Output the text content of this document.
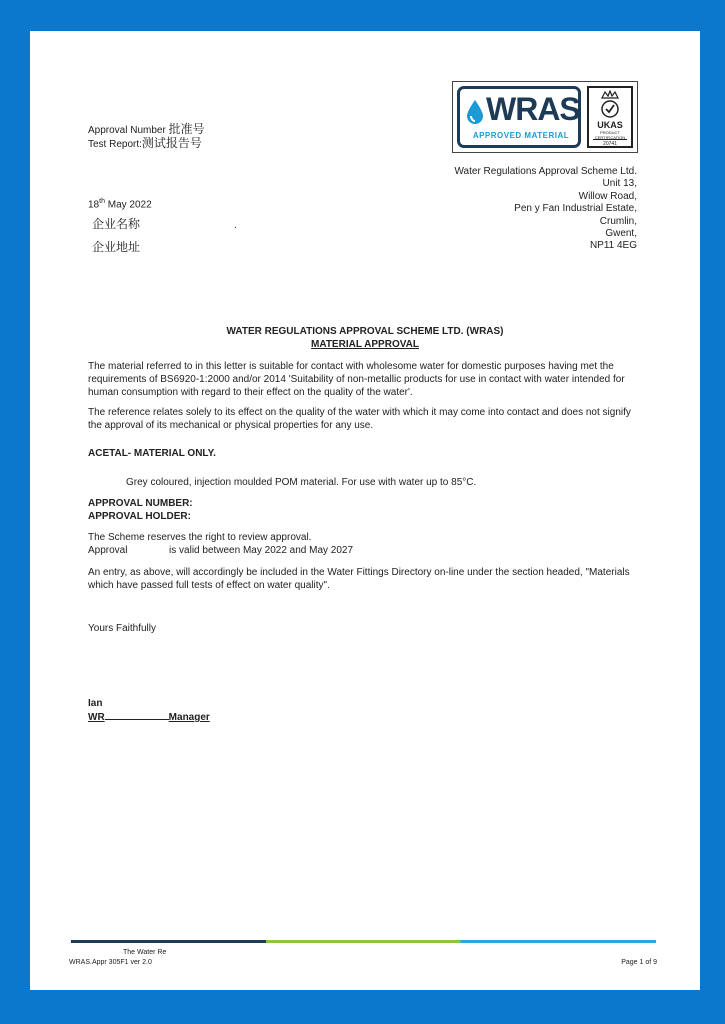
WRAS
APPROVED MATERIAL
UKAS
PRODUCT CERTIFICATION
20741
Approval Number 批准号
Test Report:测试报告号
18th May 2022
企业名称	.
企业地址
Water Regulations Approval Scheme Ltd.
Unit 13,
Willow Road,
Pen y Fan Industrial Estate,
Crumlin,
Gwent,
NP11 4EG
WATER REGULATIONS APPROVAL SCHEME LTD. (WRAS)
MATERIAL APPROVAL

The material referred to in this letter is suitable for contact with wholesome water for domestic purposes having met the requirements of BS6920-1:2000 and/or 2014 'Suitability of non-metallic products for use in contact with water intended for human consumption with regard to their effect on the quality of the water'.

The reference relates solely to its effect on the quality of the water with which it may come into contact and does not signify the approval of its mechanical or physical properties for any use.

ACETAL- MATERIAL ONLY.
Grey coloured, injection moulded POM material. For use with water up to 85°C.
APPROVAL NUMBER:
APPROVAL HOLDER:
The Scheme reserves the right to review approval.
Approval	is valid between May 2022 and May 2027

An entry, as above, will accordingly be included in the Water Fittings Directory on-line under the section headed, "Materials which have passed full tests of effect on water quality".

Yours Faithfully
Ian
WR	Manager
The Water Re
WRAS.Appr 305F1 ver 2.0	Page 1 of 9
